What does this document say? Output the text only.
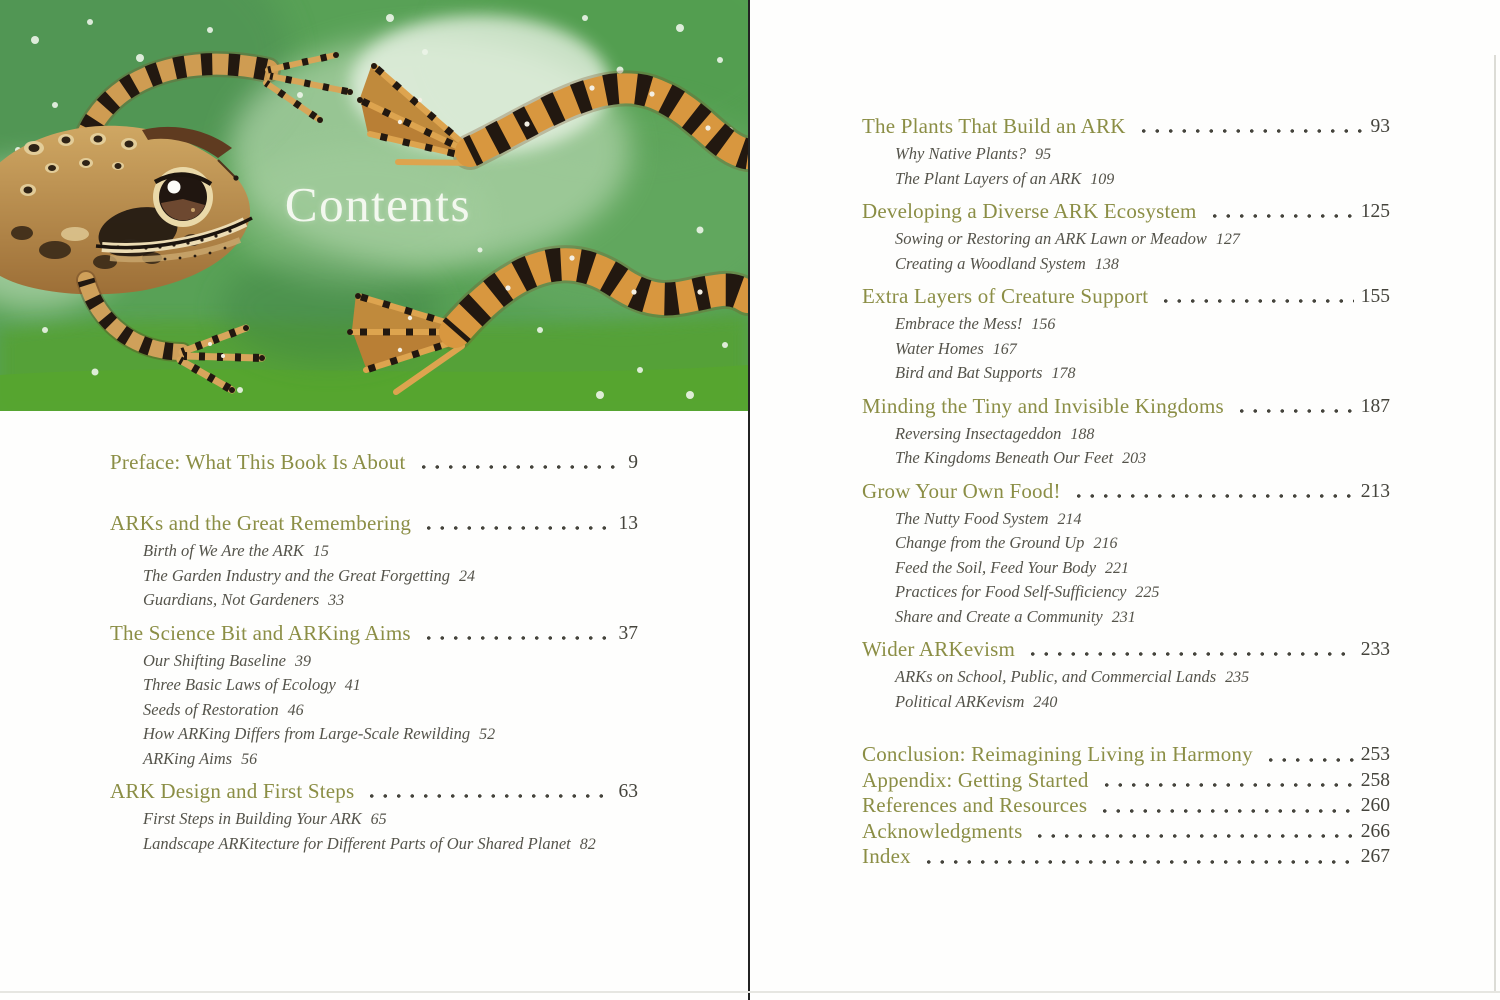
Contents
Preface: What This Book Is About	9
ARKs and the Great Remembering	13
Birth of We Are the ARK 15
The Garden Industry and the Great Forgetting 24
Guardians, Not Gardeners 33
The Science Bit and ARKing Aims	37
Our Shifting Baseline 39
Three Basic Laws of Ecology 41
Seeds of Restoration 46
How ARKing Differs from Large-Scale Rewilding 52
ARKing Aims 56
ARK Design and First Steps	63
First Steps in Building Your ARK 65
Landscape ARKitecture for Different Parts of Our Shared Planet 82
The Plants That Build an ARK	93
Why Native Plants? 95
The Plant Layers of an ARK 109
Developing a Diverse ARK Ecosystem	125
Sowing or Restoring an ARK Lawn or Meadow 127
Creating a Woodland System 138
Extra Layers of Creature Support	155
Embrace the Mess! 156
Water Homes 167
Bird and Bat Supports 178
Minding the Tiny and Invisible Kingdoms	187
Reversing Insectageddon 188
The Kingdoms Beneath Our Feet 203
Grow Your Own Food!	213
The Nutty Food System 214
Change from the Ground Up 216
Feed the Soil, Feed Your Body 221
Practices for Food Self-Sufficiency 225
Share and Create a Community 231
Wider ARKevism	233
ARKs on School, Public, and Commercial Lands 235
Political ARKevism 240
Conclusion: Reimagining Living in Harmony	253
Appendix: Getting Started	258
References and Resources	260
Acknowledgments	266
Index	267
